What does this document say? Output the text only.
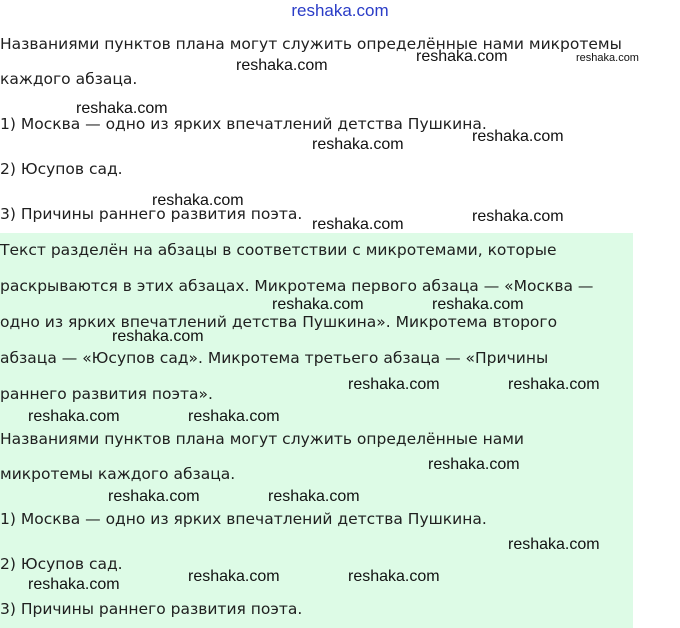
reshaka.com

Названиями пунктов плана могут служить определённые нами микротемы

каждого абзаца.

1) Москва — одно из ярких впечатлений детства Пушкина.

2) Юсупов сад.

3) Причины раннего развития поэта.

Текст разделён на абзацы в соответствии с микротемами, которые

раскрываются в этих абзацах. Микротема первого абзаца — «Москва —

одно из ярких впечатлений детства Пушкина». Микротема второго

абзаца — «Юсупов сад». Микротема третьего абзаца — «Причины

раннего развития поэта».

Названиями пунктов плана могут служить определённые нами

микротемы каждого абзаца.

1) Москва — одно из ярких впечатлений детства Пушкина.

2) Юсупов сад.

3) Причины раннего развития поэта.

reshaka.com
reshaka.com	reshaka.com
reshaka.com
reshaka.com	reshaka.com
reshaka.com
reshaka.com	reshaka.com
reshaka.com	reshaka.com
reshaka.com
reshaka.com	reshaka.com
reshaka.com	reshaka.com
reshaka.com
reshaka.com	reshaka.com
reshaka.com
reshaka.com	reshaka.com	reshaka.com
